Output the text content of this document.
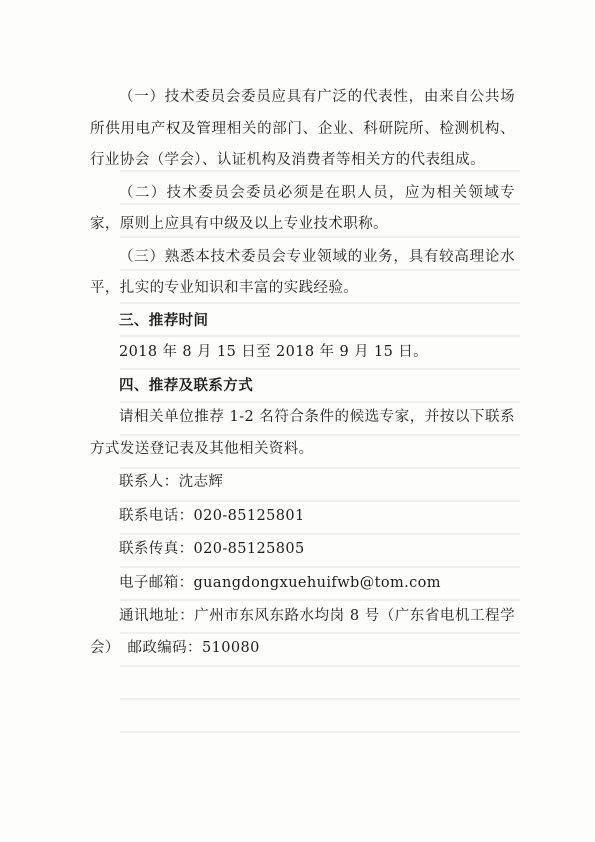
（一）技术委员会委员应具有广泛的代表性，由来自公共场所供用电产权及管理相关的部门、企业、科研院所、检测机构、行业协会（学会）、认证机构及消费者等相关方的代表组成。

（二）技术委员会委员必须是在职人员，应为相关领域专家，原则上应具有中级及以上专业技术职称。

（三）熟悉本技术委员会专业领域的业务，具有较高理论水平，扎实的专业知识和丰富的实践经验。

三、推荐时间

2018 年 8 月 15 日至 2018 年 9 月 15 日。

四、推荐及联系方式

请相关单位推荐 1-2 名符合条件的候选专家，并按以下联系方式发送登记表及其他相关资料。

联系人：沈志辉

联系电话：020-85125801

联系传真：020-85125805

电子邮箱：guangdongxuehuifwb@tom.com

通讯地址：广州市东风东路水均岗 8 号（广东省电机工程学会）　邮政编码：510080
